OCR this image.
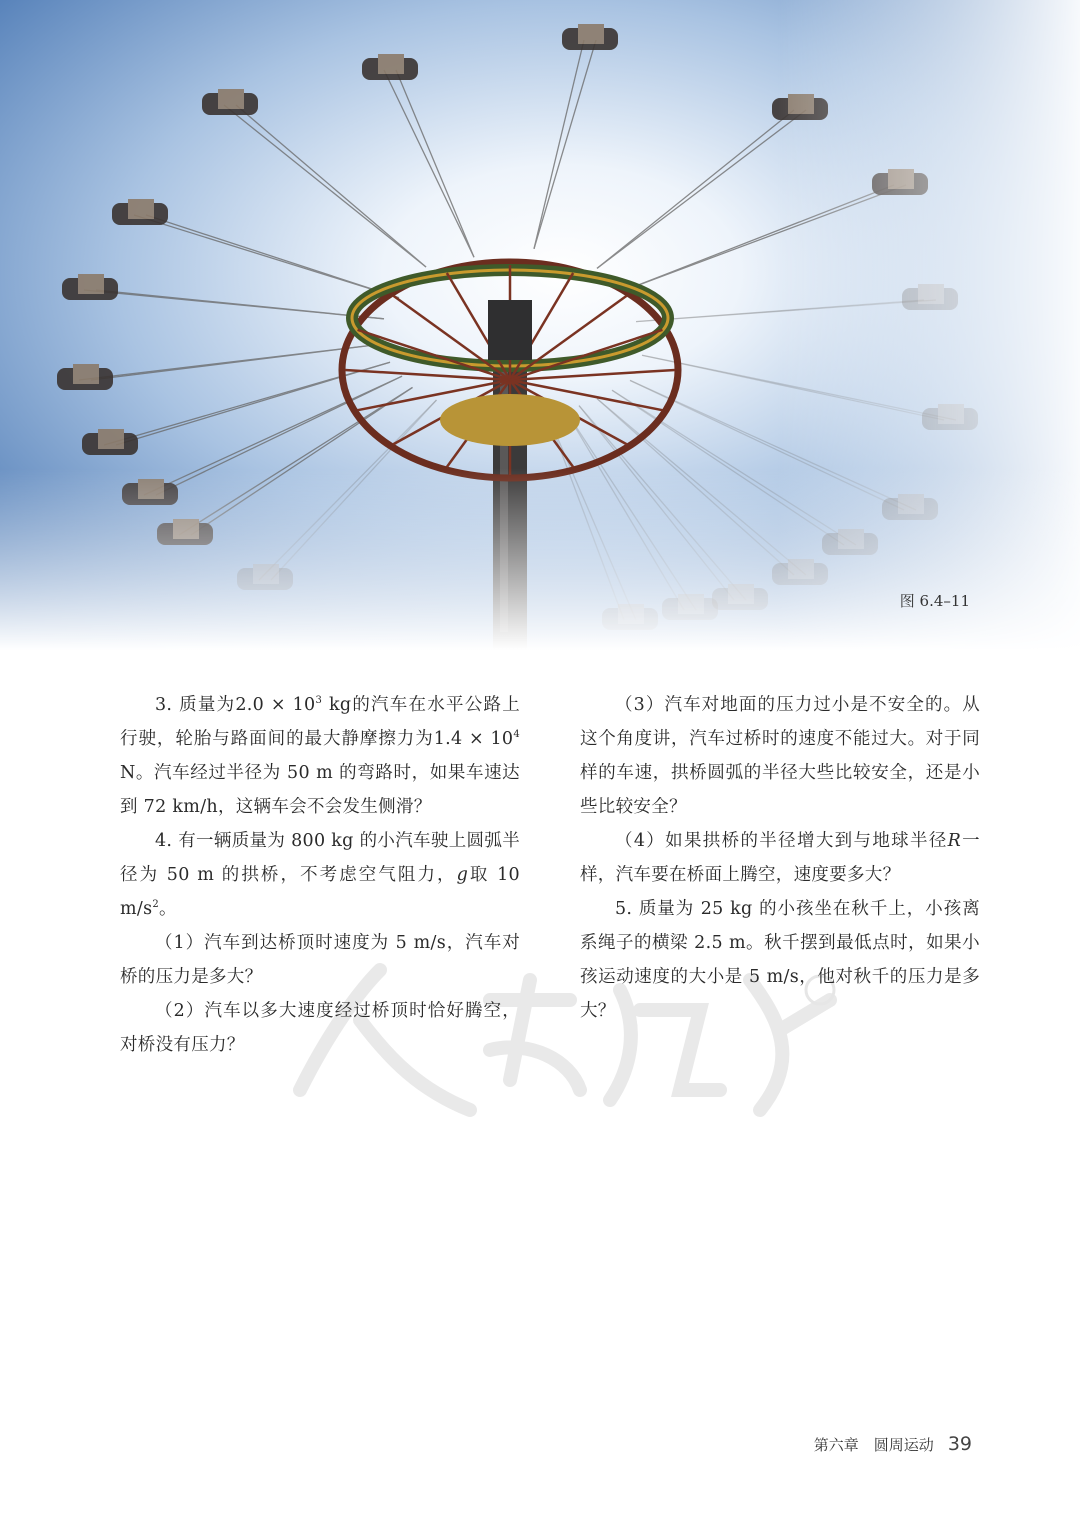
图 6.4–11

3. 质量为$2.0 \times 10^3$ kg的汽车在水平公路上行驶，轮胎与路面间的最大静摩擦力为$1.4 \times 10^4$ N。汽车经过半径为 50 m 的弯路时，如果车速达到 72 km/h，这辆车会不会发生侧滑？

4. 有一辆质量为 800 kg 的小汽车驶上圆弧半径为 50 m 的拱桥，不考虑空气阻力，g取 10 $m/s^2$。

（1）汽车到达桥顶时速度为 5 m/s，汽车对桥的压力是多大？

（2）汽车以多大速度经过桥顶时恰好腾空，对桥没有压力？

（3）汽车对地面的压力过小是不安全的。从这个角度讲，汽车过桥时的速度不能过大。对于同样的车速，拱桥圆弧的半径大些比较安全，还是小些比较安全？

（4）如果拱桥的半径增大到与地球半径R一样，汽车要在桥面上腾空，速度要多大？

5. 质量为 25 kg 的小孩坐在秋千上，小孩离系绳子的横梁 2.5 m。秋千摆到最低点时，如果小孩运动速度的大小是 5 m/s，他对秋千的压力是多大？

第六章　圆周运动 39
